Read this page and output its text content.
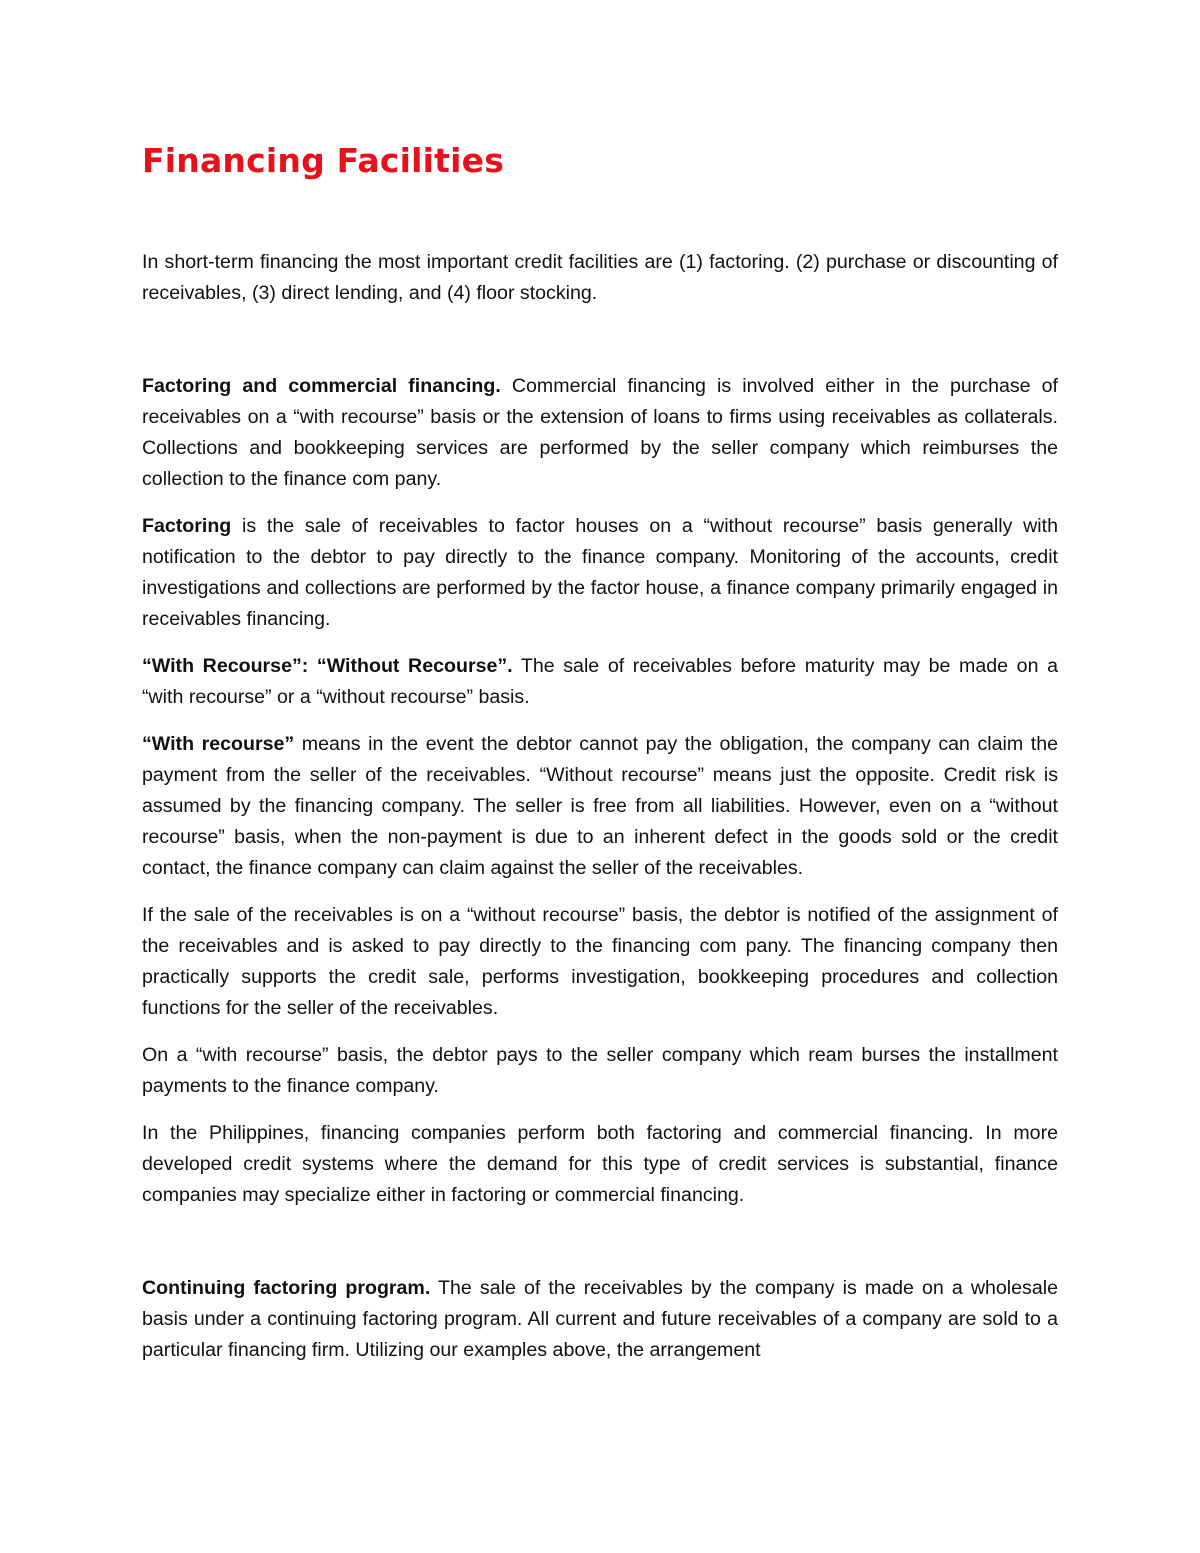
Financing Facilities

In short-term financing the most important credit facilities are (1) factoring. (2) purchase or discounting of receivables, (3) direct lending, and (4) floor stocking.

Factoring and commercial financing. Commercial financing is involved either in the purchase of receivables on a “with recourse” basis or the extension of loans to firms using receivables as collaterals. Collections and bookkeeping services are performed by the seller company which reimburses the collection to the finance com pany.

Factoring is the sale of receivables to factor houses on a “without recourse” basis generally with notification to the debtor to pay directly to the finance company. Monitoring of the accounts, credit investigations and collections are performed by the factor house, a finance company primarily engaged in receivables financing.

“With Recourse”: “Without Recourse”. The sale of receivables before maturity may be made on a “with recourse” or a “without recourse” basis.

“With recourse” means in the event the debtor cannot pay the obligation, the company can claim the payment from the seller of the receivables. “Without recourse” means just the opposite. Credit risk is assumed by the financing company. The seller is free from all liabilities. However, even on a “without recourse” basis, when the non-payment is due to an inherent defect in the goods sold or the credit contact, the finance company can claim against the seller of the receivables.

If the sale of the receivables is on a “without recourse” basis, the debtor is notified of the assignment of the receivables and is asked to pay directly to the financing com pany. The financing company then practically supports the credit sale, performs investigation, bookkeeping procedures and collection functions for the seller of the receivables.

On a “with recourse” basis, the debtor pays to the seller company which ream burses the installment payments to the finance company.

In the Philippines, financing companies perform both factoring and commercial financing. In more developed credit systems where the demand for this type of credit services is substantial, finance companies may specialize either in factoring or commercial financing.

Continuing factoring program. The sale of the receivables by the company is made on a wholesale basis under a continuing factoring program. All current and future receivables of a company are sold to a particular financing firm. Utilizing our examples above, the arrangement
